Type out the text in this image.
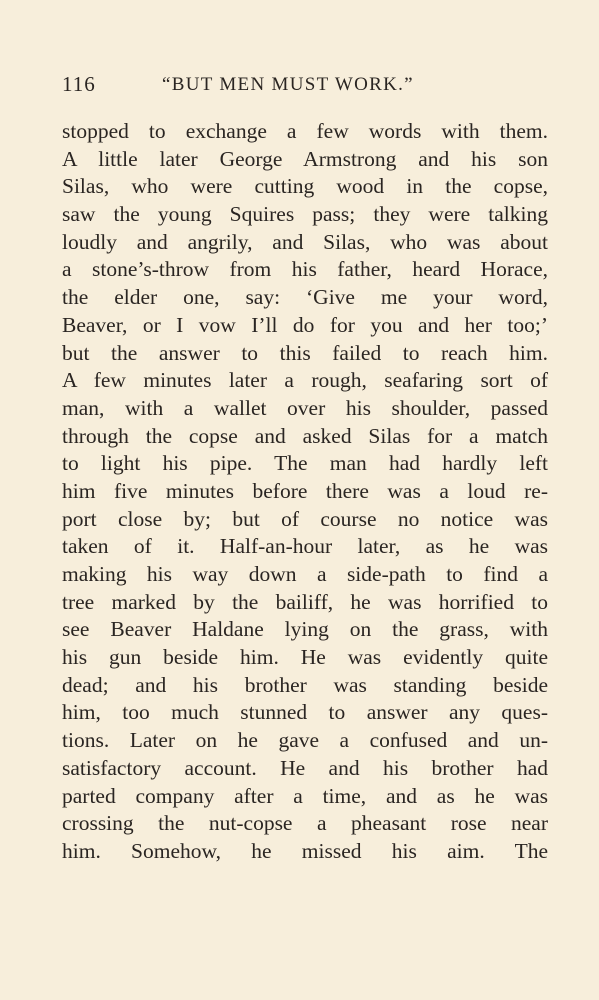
116	“BUT MEN MUST WORK.”
stopped to exchange a few words with them.
A little later George Armstrong and his son
Silas, who were cutting wood in the copse,
saw the young Squires pass; they were talking
loudly and angrily, and Silas, who was about
a stone’s-throw from his father, heard Horace,
the elder one, say: ‘Give me your word,
Beaver, or I vow I’ll do for you and her too;’
but the answer to this failed to reach him.
A few minutes later a rough, seafaring sort of
man, with a wallet over his shoulder, passed
through the copse and asked Silas for a match
to light his pipe. The man had hardly left
him five minutes before there was a loud re-
port close by; but of course no notice was
taken of it. Half-an-hour later, as he was
making his way down a side-path to find a
tree marked by the bailiff, he was horrified to
see Beaver Haldane lying on the grass, with
his gun beside him. He was evidently quite
dead; and his brother was standing beside
him, too much stunned to answer any ques-
tions. Later on he gave a confused and un-
satisfactory account. He and his brother had
parted company after a time, and as he was
crossing the nut-copse a pheasant rose near
him. Somehow, he missed his aim. The
